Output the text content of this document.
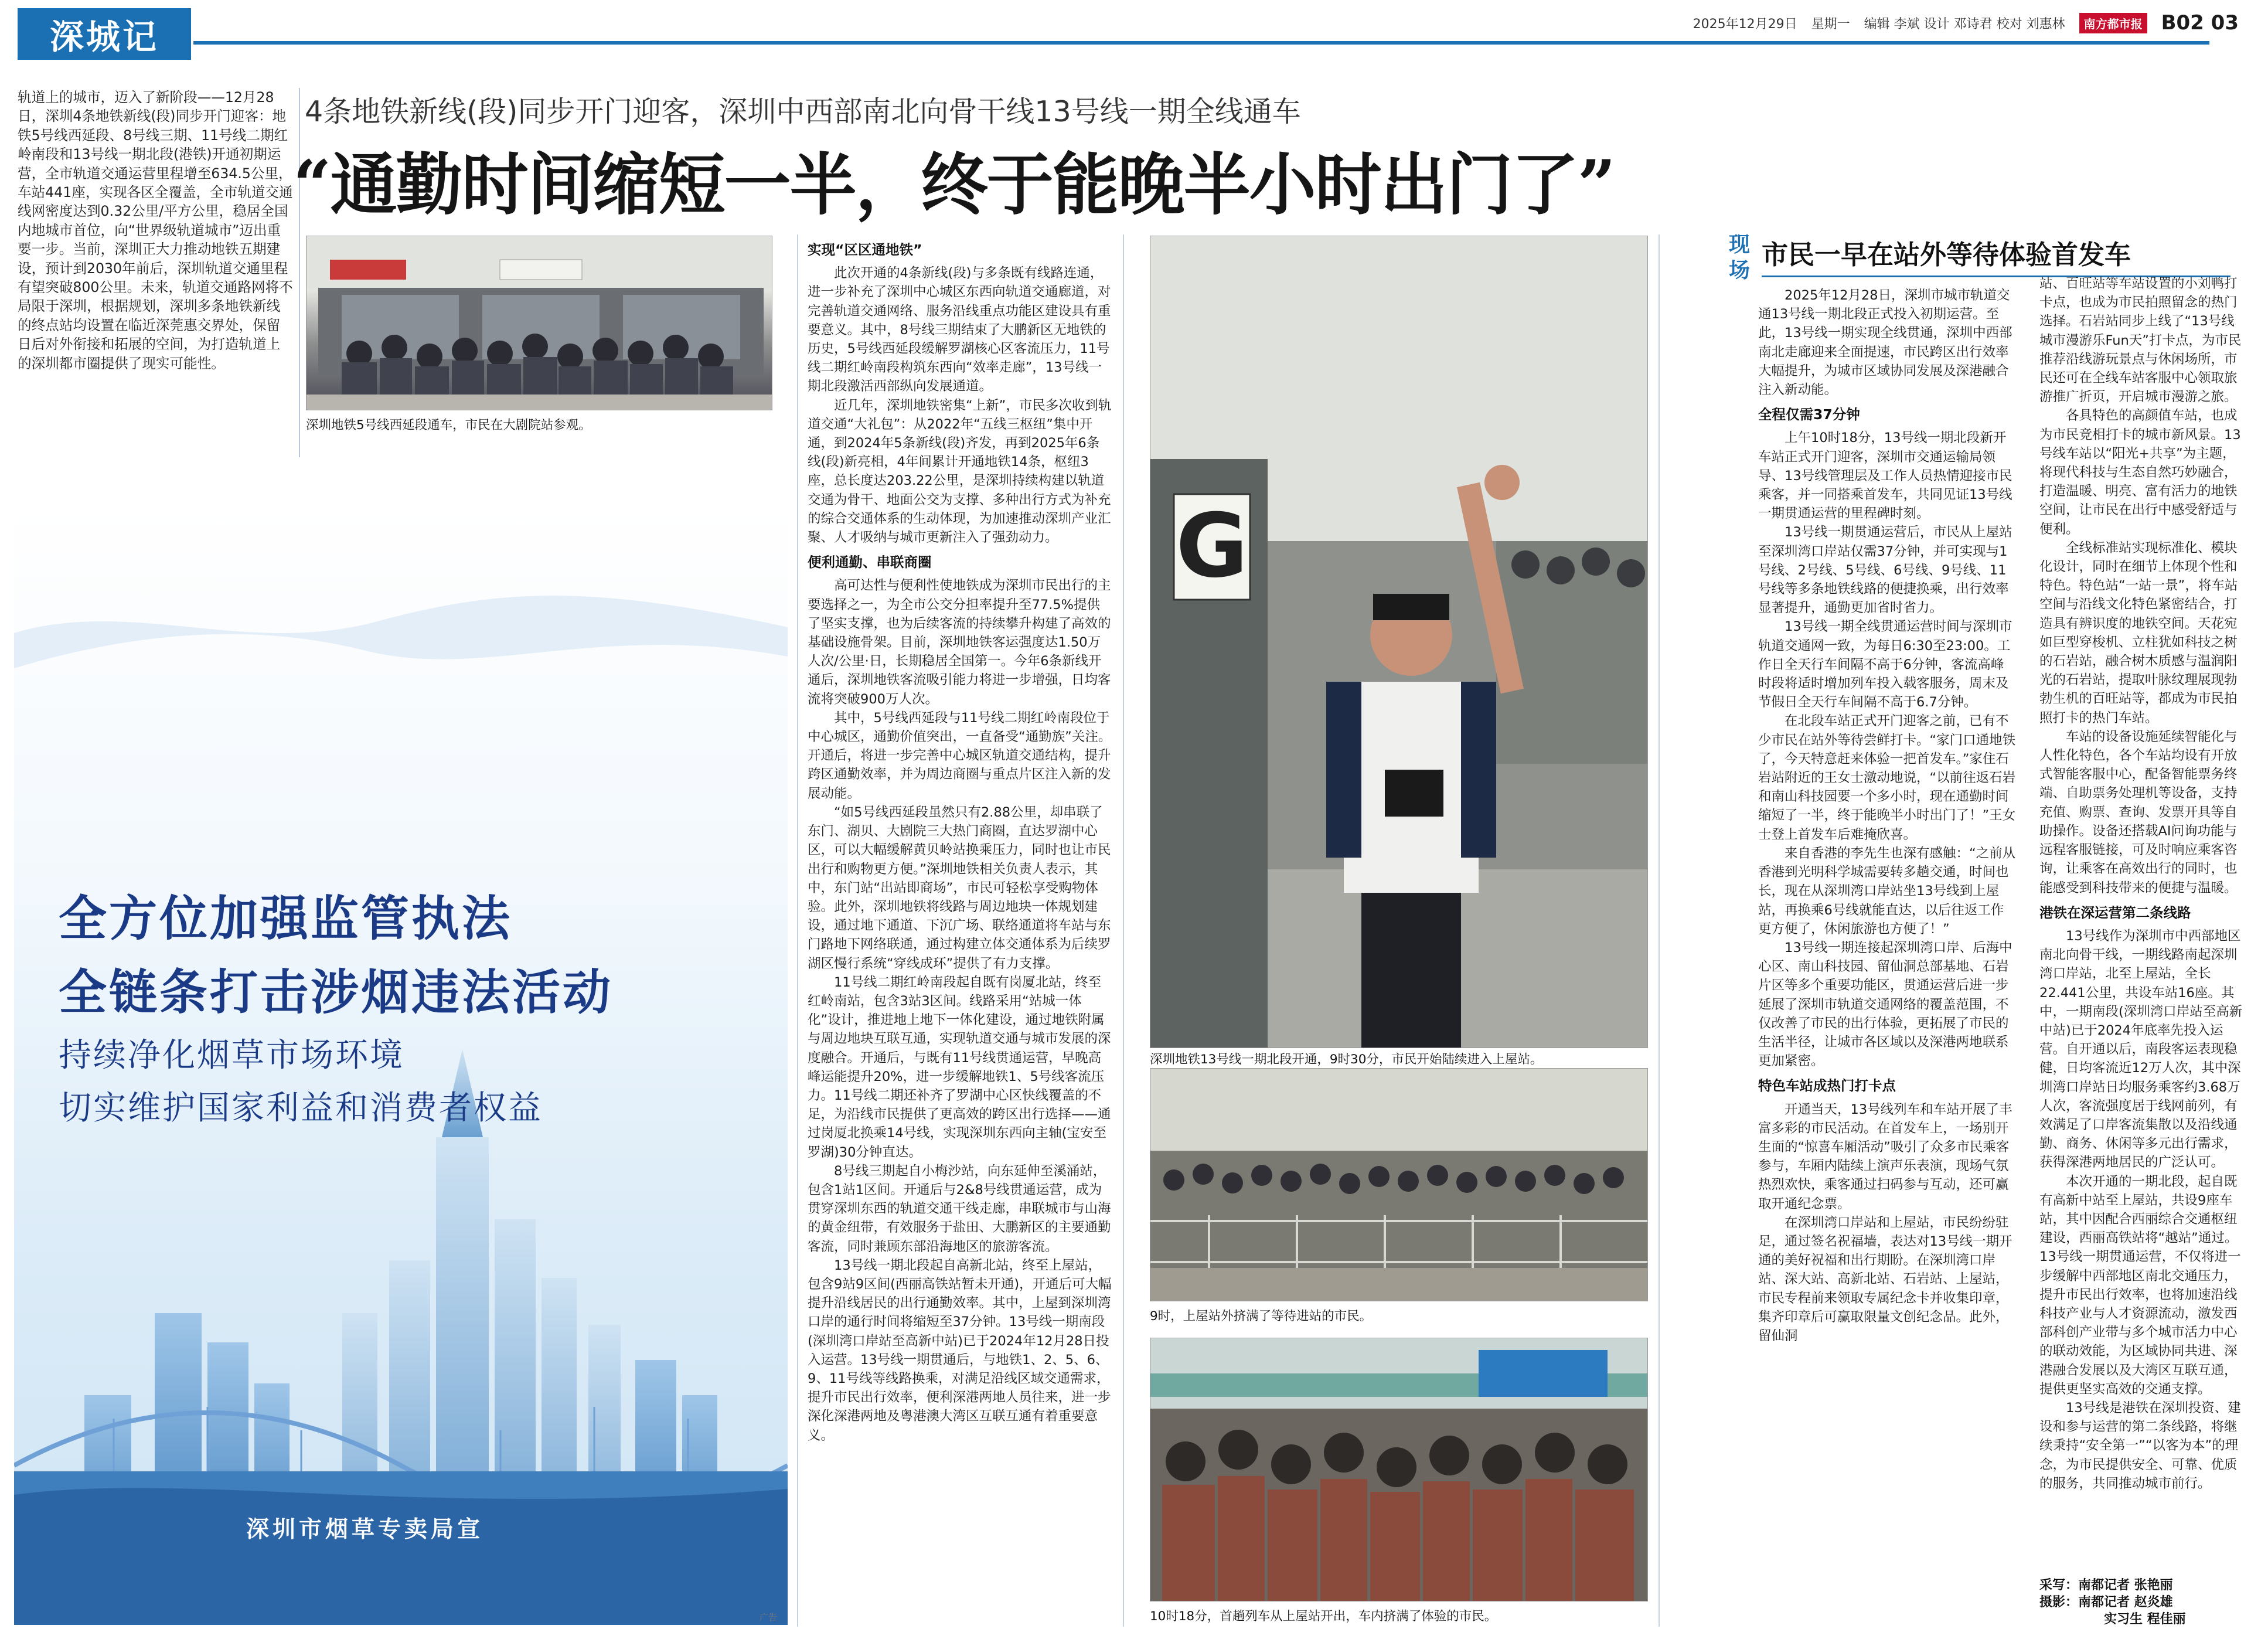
深城记	2025年12月29日 星期一 编辑 李斌 设计 邓诗君 校对 刘惠林	南方都市报 B02 03

轨道上的城市，迈入了新阶段——12月28日，深圳4条地铁新线(段)同步开门迎客：地铁5号线西延段、8号线三期、11号线二期红岭南段和13号线一期北段(港铁)开通初期运营，全市轨道交通运营里程增至634.5公里，车站441座，实现各区全覆盖，全市轨道交通线网密度达到0.32公里/平方公里，稳居全国内地城市首位，向“世界级轨道城市”迈出重要一步。当前，深圳正大力推动地铁五期建设，预计到2030年前后，深圳轨道交通里程有望突破800公里。未来，轨道交通路网将不局限于深圳，根据规划，深圳多条地铁新线的终点站均设置在临近深莞惠交界处，保留日后对外衔接和拓展的空间，为打造轨道上的深圳都市圈提供了现实可能性。

4条地铁新线(段)同步开门迎客，深圳中西部南北向骨干线13号线一期全线通车
“通勤时间缩短一半，终于能晚半小时出门了”
深圳地铁5号线西延段通车，市民在大剧院站参观。
实现“区区通地铁”

此次开通的4条新线(段)与多条既有线路连通，进一步补充了深圳中心城区东西向轨道交通廊道，对完善轨道交通网络、服务沿线重点功能区建设具有重要意义。其中，8号线三期结束了大鹏新区无地铁的历史，5号线西延段缓解罗湖核心区客流压力，11号线二期红岭南段构筑东西向“效率走廊”，13号线一期北段激活西部纵向发展通道。

近几年，深圳地铁密集“上新”，市民多次收到轨道交通“大礼包”：从2022年“五线三枢纽”集中开通，到2024年5条新线(段)齐发，再到2025年6条线(段)新亮相，4年间累计开通地铁14条，枢纽3座，总长度达203.22公里，是深圳持续构建以轨道交通为骨干、地面公交为支撑、多种出行方式为补充的综合交通体系的生动体现，为加速推动深圳产业汇聚、人才吸纳与城市更新注入了强劲动力。

便利通勤、串联商圈

高可达性与便利性使地铁成为深圳市民出行的主要选择之一，为全市公交分担率提升至77.5%提供了坚实支撑，也为后续客流的持续攀升构建了高效的基础设施骨架。目前，深圳地铁客运强度达1.50万人次/公里·日，长期稳居全国第一。今年6条新线开通后，深圳地铁客流吸引能力将进一步增强，日均客流将突破900万人次。

其中，5号线西延段与11号线二期红岭南段位于中心城区，通勤价值突出，一直备受“通勤族”关注。开通后，将进一步完善中心城区轨道交通结构，提升跨区通勤效率，并为周边商圈与重点片区注入新的发展动能。

“如5号线西延段虽然只有2.88公里，却串联了东门、湖贝、大剧院三大热门商圈，直达罗湖中心区，可以大幅缓解黄贝岭站换乘压力，同时也让市民出行和购物更方便。”深圳地铁相关负责人表示，其中，东门站“出站即商场”，市民可轻松享受购物体验。此外，深圳地铁将线路与周边地块一体规划建设，通过地下通道、下沉广场、联络通道将车站与东门路地下网络联通，通过构建立体交通体系为后续罗湖区慢行系统“穿线成环”提供了有力支撑。

11号线二期红岭南段起自既有岗厦北站，终至红岭南站，包含3站3区间。线路采用“站城一体化”设计，推进地上地下一体化建设，通过地铁附属与周边地块互联互通，实现轨道交通与城市发展的深度融合。开通后，与既有11号线贯通运营，早晚高峰运能提升20%，进一步缓解地铁1、5号线客流压力。11号线二期还补齐了罗湖中心区快线覆盖的不足，为沿线市民提供了更高效的跨区出行选择——通过岗厦北换乘14号线，实现深圳东西向主轴(宝安至罗湖)30分钟直达。

8号线三期起自小梅沙站，向东延伸至溪涌站，包含1站1区间。开通后与2&8号线贯通运营，成为贯穿深圳东西的轨道交通干线走廊，串联城市与山海的黄金纽带，有效服务于盐田、大鹏新区的主要通勤客流，同时兼顾东部沿海地区的旅游客流。

13号线一期北段起自高新北站，终至上屋站，包含9站9区间(西丽高铁站暂未开通)，开通后可大幅提升沿线居民的出行通勤效率。其中，上屋到深圳湾口岸的通行时间将缩短至37分钟。13号线一期南段(深圳湾口岸站至高新中站)已于2024年12月28日投入运营。13号线一期贯通后，与地铁1、2、5、6、9、11号线等线路换乘，对满足沿线区域交通需求，提升市民出行效率，便利深港两地人员往来，进一步深化深港两地及粤港澳大湾区互联互通有着重要意义。

G
深圳地铁13号线一期北段开通，9时30分，市民开始陆续进入上屋站。
9时，上屋站外挤满了等待进站的市民。
10时18分，首趟列车从上屋站开出，车内挤满了体验的市民。
现场
市民一早在站外等待体验首发车

2025年12月28日，深圳市城市轨道交通13号线一期北段正式投入初期运营。至此，13号线一期实现全线贯通，深圳中西部南北走廊迎来全面提速，市民跨区出行效率大幅提升，为城市区域协同发展及深港融合注入新动能。

全程仅需37分钟

上午10时18分，13号线一期北段新开车站正式开门迎客，深圳市交通运输局领导、13号线管理层及工作人员热情迎接市民乘客，并一同搭乘首发车，共同见证13号线一期贯通运营的里程碑时刻。

13号线一期贯通运营后，市民从上屋站至深圳湾口岸站仅需37分钟，并可实现与1号线、2号线、5号线、6号线、9号线、11号线等多条地铁线路的便捷换乘，出行效率显著提升，通勤更加省时省力。

13号线一期全线贯通运营时间与深圳市轨道交通网一致，为每日6:30至23:00。工作日全天行车间隔不高于6分钟，客流高峰时段将适时增加列车投入载客服务，周末及节假日全天行车间隔不高于6.7分钟。

在北段车站正式开门迎客之前，已有不少市民在站外等待尝鲜打卡。“家门口通地铁了，今天特意赶来体验一把首发车。”家住石岩站附近的王女士激动地说，“以前往返石岩和南山科技园要一个多小时，现在通勤时间缩短了一半，终于能晚半小时出门了！”王女士登上首发车后难掩欣喜。

来自香港的李先生也深有感触：“之前从香港到光明科学城需要转多趟交通，时间也长，现在从深圳湾口岸站坐13号线到上屋站，再换乘6号线就能直达，以后往返工作更方便了，休闲旅游也方便了！”

13号线一期连接起深圳湾口岸、后海中心区、南山科技园、留仙洞总部基地、石岩片区等多个重要功能区，贯通运营后进一步延展了深圳市轨道交通网络的覆盖范围，不仅改善了市民的出行体验，更拓展了市民的生活半径，让城市各区域以及深港两地联系更加紧密。

特色车站成热门打卡点

开通当天，13号线列车和车站开展了丰富多彩的市民活动。在首发车上，一场别开生面的“惊喜车厢活动”吸引了众多市民乘客参与，车厢内陆续上演声乐表演，现场气氛热烈欢快，乘客通过扫码参与互动，还可赢取开通纪念票。

在深圳湾口岸站和上屋站，市民纷纷驻足，通过签名祝福墙，表达对13号线一期开通的美好祝福和出行期盼。在深圳湾口岸站、深大站、高新北站、石岩站、上屋站，市民专程前来领取专属纪念卡并收集印章，集齐印章后可赢取限量文创纪念品。此外，留仙洞

站、百旺站等车站设置的小刘鸭打卡点，也成为市民拍照留念的热门选择。石岩站同步上线了“13号线城市漫游乐Fun天”打卡点，为市民推荐沿线游玩景点与休闲场所，市民还可在全线车站客服中心领取旅游推广折页，开启城市漫游之旅。

各具特色的高颜值车站，也成为市民竞相打卡的城市新风景。13号线车站以“阳光+共享”为主题，将现代科技与生态自然巧妙融合，打造温暖、明亮、富有活力的地铁空间，让市民在出行中感受舒适与便利。

全线标准站实现标准化、模块化设计，同时在细节上体现个性和特色。特色站“一站一景”，将车站空间与沿线文化特色紧密结合，打造具有辨识度的地铁空间。天花宛如巨型穿梭机、立柱犹如科技之树的石岩站，融合树木质感与温润阳光的石岩站，提取叶脉纹理展现勃勃生机的百旺站等，都成为市民拍照打卡的热门车站。

车站的设备设施延续智能化与人性化特色，各个车站均设有开放式智能客服中心，配备智能票务终端、自助票务处理机等设备，支持充值、购票、查询、发票开具等自助操作。设备还搭载AI问询功能与远程客服链接，可及时响应乘客咨询，让乘客在高效出行的同时，也能感受到科技带来的便捷与温暖。

港铁在深运营第二条线路

13号线作为深圳市中西部地区南北向骨干线，一期线路南起深圳湾口岸站，北至上屋站，全长22.441公里，共设车站16座。其中，一期南段(深圳湾口岸站至高新中站)已于2024年底率先投入运营。自开通以后，南段客运表现稳健，日均客流近12万人次，其中深圳湾口岸站日均服务乘客约3.68万人次，客流强度居于线网前列，有效满足了口岸客流集散以及沿线通勤、商务、休闲等多元出行需求，获得深港两地居民的广泛认可。

本次开通的一期北段，起自既有高新中站至上屋站，共设9座车站，其中因配合西丽综合交通枢纽建设，西丽高铁站将“越站”通过。13号线一期贯通运营，不仅将进一步缓解中西部地区南北交通压力，提升市民出行效率，也将加速沿线科技产业与人才资源流动，激发西部科创产业带与多个城市活力中心的联动效能，为区域协同共进、深港融合发展以及大湾区互联互通，提供更坚实高效的交通支撑。

13号线是港铁在深圳投资、建设和参与运营的第二条线路，将继续秉持“安全第一”“以客为本”的理念，为市民提供安全、可靠、优质的服务，共同推动城市前行。

采写：南都记者 张艳丽

摄影：南都记者 赵炎雄

实习生 程佳丽

全方位加强监管执法
全链条打击涉烟违法活动
持续净化烟草市场环境
切实维护国家利益和消费者权益
深圳市烟草专卖局宣
广告
